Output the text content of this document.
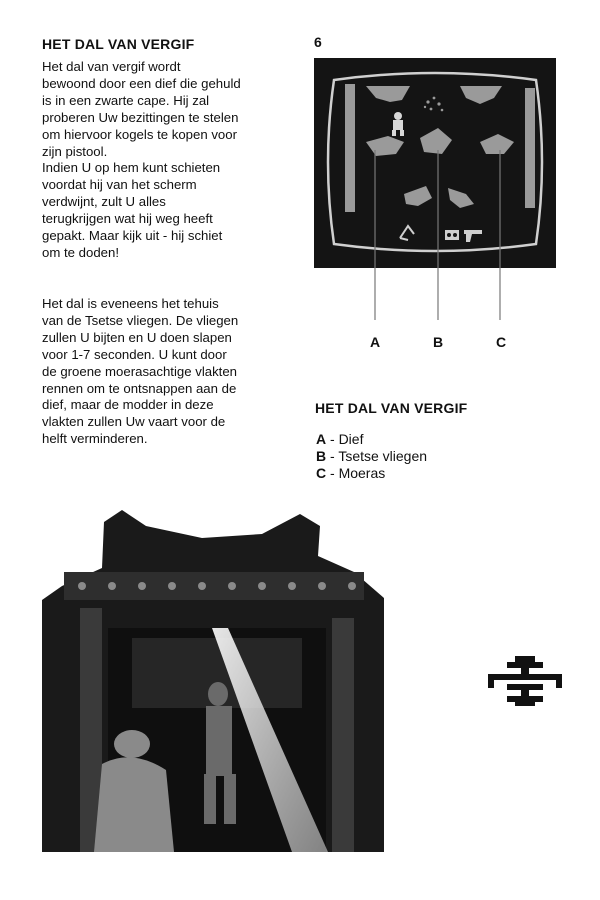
HET DAL VAN VERGIF
Het dal van vergif wordt
bewoond door een dief die gehuld
is in een zwarte cape. Hij zal
proberen Uw bezittingen te stelen
om hiervoor kogels te kopen voor
zijn pistool.
Indien U op hem kunt schieten
voordat hij van het scherm
verdwijnt, zult U alles
terugkrijgen wat hij weg heeft
gepakt. Maar kijk uit - hij schiet
om te doden!
Het dal is eveneens het tehuis
van de Tsetse vliegen. De vliegen
zullen U bijten en U doen slapen
voor 1-7 seconden. U kunt door
de groene moerasachtige vlakten
rennen om te ontsnappen aan de
dief, maar de modder in deze
vlakten zullen Uw vaart voor de
helft verminderen.
6
A	B	C
HET DAL VAN VERGIF
A - Dief
B - Tsetse vliegen
C - Moeras
